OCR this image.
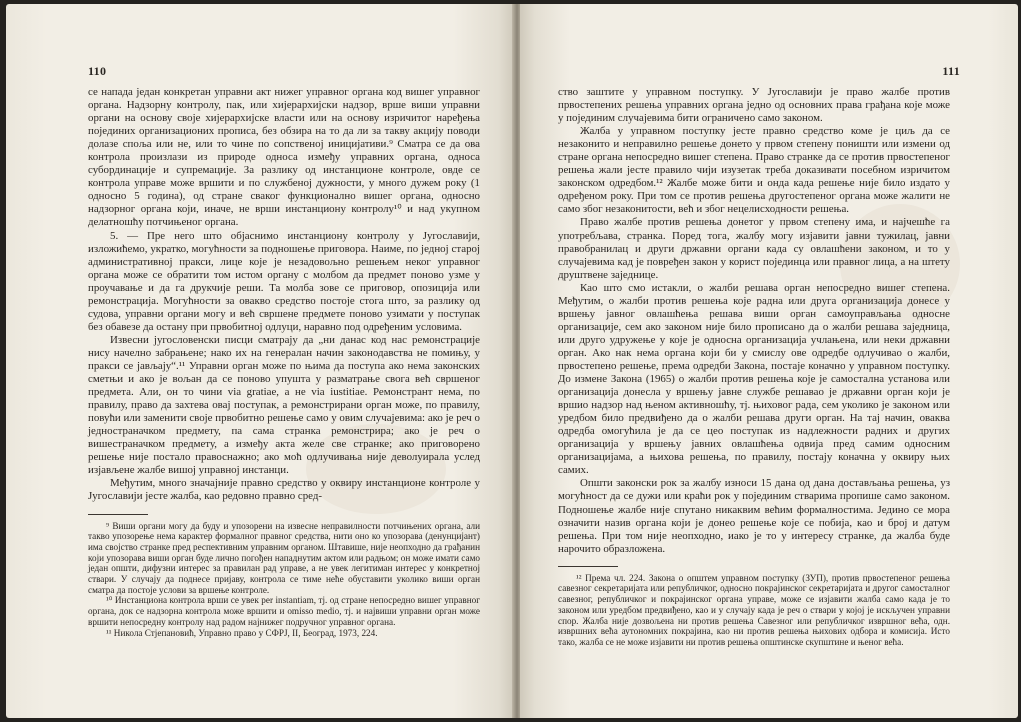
110

се напада један конкретан управни акт нижег управног органа код вишег управног органа. Надзорну контролу, пак, или хијерархијски надзор, врше виши управни органи на основу своје хијерархијске власти или на основу изричитог наређења појединих организационих прописа, без обзира на то да ли за такву акцију поводи долазе споља или не, или то чине по сопственој иницијативи.⁹ Сматра се да ова контрола произлази из природе односа између управних органа, односа субординације и супремације. За разлику од инстанционе контроле, овде се контрола управе може вршити и по службеној дужности, у много дужем року (1 односно 5 година), од стране сваког функционално вишег органа, односно надзорног органа који, иначе, не врши инстанциону контролу¹⁰ и над укупном делатношћу потчињеног органа.

5. — Пре него што објаснимо инстанциону контролу у Југославији, изложићемо, укратко, могућности за подношење приговора. Наиме, по једној старој административној пракси, лице које је незадовољно решењем неког управног органа може се обратити том истом органу с молбом да предмет поново узме у проучавање и да га друкчије реши. Та молба зове се приговор, опозиција или ремонстрација. Могућности за овакво средство постоје стога што, за разлику од судова, управни органи могу и већ свршене предмете поново узимати у поступак без обавезе да остану при првобитној одлуци, наравно под одређеним условима.

Извесни југословенски писци сматрају да „ни данас код нас ремонстрације нису начелно забрањене; нако их на генералан начин законодавства не помињу, у пракси се јављају“.¹¹ Управни орган може по њима да поступа ако нема законских сметњи и ако је вољан да се поново упушта у разматрање свога већ свршеног предмета. Али, он то чини via gratiae, а не via iustitiae. Ремонстрант нема, по правилу, право да захтева овај поступак, а ремонстрирани орган може, по правилу, повући или заменити своје првобитно решење само у овим случајевима: ако је реч о једностраначком предмету, па сама странка ремонстрира; ако је реч о вишестраначком предмету, а између акта желе све странке; ако приговорено решење није постало правоснажно; ако моћ одлучивања није деволуирала услед изјављене жалбе вишој управној инстанци.

Међутим, много значајније правно средство у оквиру инстанционе контроле у Југославији јесте жалба, као редовно правно сред-

⁹ Виши органи могу да буду и упозорени на извесне неправилности потчињених органа, али такво упозорење нема карактер формалног правног средства, нити оно ко упозорава (денунцијант) има својство странке пред респективним управним органом. Штавише, није неопходно да грађанин који упозорава виши орган буде лично погођен нападнутим актом или радњом; он може имати само један општи, дифузни интерес за правилан рад управе, а не увек легитиман интерес у конкретној ствари. У случају да поднесе пријаву, контрола се тиме неће обуставити уколико виши орган сматра да постоје услови за вршење контроле.

¹⁰ Инстанциона контрола врши се увек per instantiam, тј. од стране непосредно вишег управног органа, док се надзорна контрола може вршити и omisso medio, тј. и највиши управни орган може вршити непосредну контролу над радом најнижег подручног управног органа.

¹¹ Никола Стјепановић, Управно право у СФРЈ, II, Београд, 1973, 224.

111

ство заштите у управном поступку. У Југославији је право жалбе против првостепених решења управних органа једно од основних права грађана које може у појединим случајевима бити ограничено само законом.

Жалба у управном поступку јесте правно средство коме је циљ да се незаконито и неправилно решење донето у првом степену поништи или измени од стране органа непосредно вишег степена. Право странке да се против првостепеног решења жали јесте правило чији изузетак треба доказивати посебном изричитом законском одредбом.¹² Жалбе може бити и онда када решење није било издато у одређеном року. При том се против решења другостепеног органа може жалити не само због незаконитости, већ и због нецелисходности решења.

Право жалбе против решења донетог у првом степену има, и најчешће га употребљава, странка. Поред тога, жалбу могу изјавити јавни тужилац, јавни правобранилац и други државни органи када су овлашћени законом, и то у случајевима кад је повређен закон у корист појединца или правног лица, а на штету друштвене заједнице.

Као што смо истакли, о жалби решава орган непосредно вишег степена. Међутим, о жалби против решења које радна или друга организација донесе у вршењу јавног овлашћења решава виши орган самоуправљања односне организације, сем ако законом није било прописано да о жалби решава заједница, или друго удружење у које је односна организација учлањена, или неки државни орган. Ако нак нема органа који би у смислу ове одредбе одлучивао о жалби, првостепено решење, према одредби Закона, постаје коначно у управном поступку. До измене Закона (1965) о жалби против решења које је самостална установа или организација донесла у вршењу јавне службе решавао је државни орган који је вршио надзор над њеном активношћу, тј. њиховог рада, сем уколико је законом или уредбом било предвиђено да о жалби решава други орган. На тај начин, оваква одредба омогућила је да се цео поступак из надлежности радних и других организација у вршењу јавних овлашћења одвија пред самим односним организацијама, а њихова решења, по правилу, постају коначна у оквиру њих самих.

Општи законски рок за жалбу износи 15 дана од дана достављања решења, уз могућност да се дужи или краћи рок у појединим стварима пропише само законом. Подношење жалбе није спутано никаквим већим формалностима. Једино се мора означити назив органа који је донео решење које се побија, као и број и датум решења. При том није неопходно, иако је то у интересу странке, да жалба буде нарочито образложена.

¹² Према чл. 224. Закона о општем управном поступку (ЗУП), против првостепеног решења савезног секретаријата или републичког, односно покрајинског секретаријата и другог самосталног савезног, републичког и покрајинског органа управе, може се изјавити жалба само када је то законом или уредбом предвиђено, као и у случају када је реч о ствари у којој је искључен управни спор. Жалба није дозвољена ни против решења Савезног или републичког извршног већа, одн. извршних већа аутономних покрајина, као ни против решења њихових одбора и комисија. Исто тако, жалба се не може изјавити ни против решења општинске скупштине и њеног већа.
